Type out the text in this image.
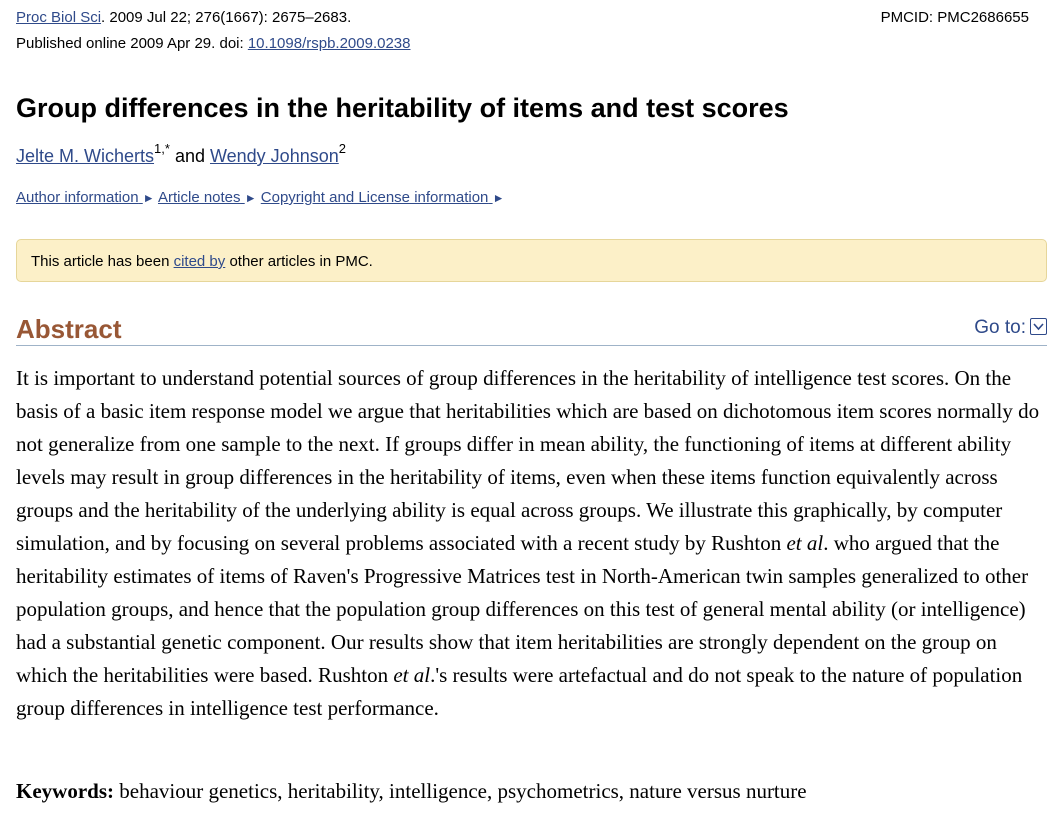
Proc Biol Sci. 2009 Jul 22; 276(1667): 2675–2683.	PMCID: PMC2686655
Published online 2009 Apr 29. doi: 10.1098/rspb.2009.0238
Group differences in the heritability of items and test scores
Jelte M. Wicherts$^{1,*}$ and Wendy Johnson$^2$
Author information ► Article notes ► Copyright and License information ►
This article has been cited by other articles in PMC.
Abstract	Go to:

It is important to understand potential sources of group differences in the heritability of intelligence test scores. On the basis of a basic item response model we argue that heritabilities which are based on dichotomous item scores normally do not generalize from one sample to the next. If groups differ in mean ability, the functioning of items at different ability levels may result in group differences in the heritability of items, even when these items function equivalently across groups and the heritability of the underlying ability is equal across groups. We illustrate this graphically, by computer simulation, and by focusing on several problems associated with a recent study by Rushton et al. who argued that the heritability estimates of items of Raven's Progressive Matrices test in North-American twin samples generalized to other population groups, and hence that the population group differences on this test of general mental ability (or intelligence) had a substantial genetic component. Our results show that item heritabilities are strongly dependent on the group on which the heritabilities were based. Rushton et al.'s results were artefactual and do not speak to the nature of population group differences in intelligence test performance.

Keywords: behaviour genetics, heritability, intelligence, psychometrics, nature versus nurture
